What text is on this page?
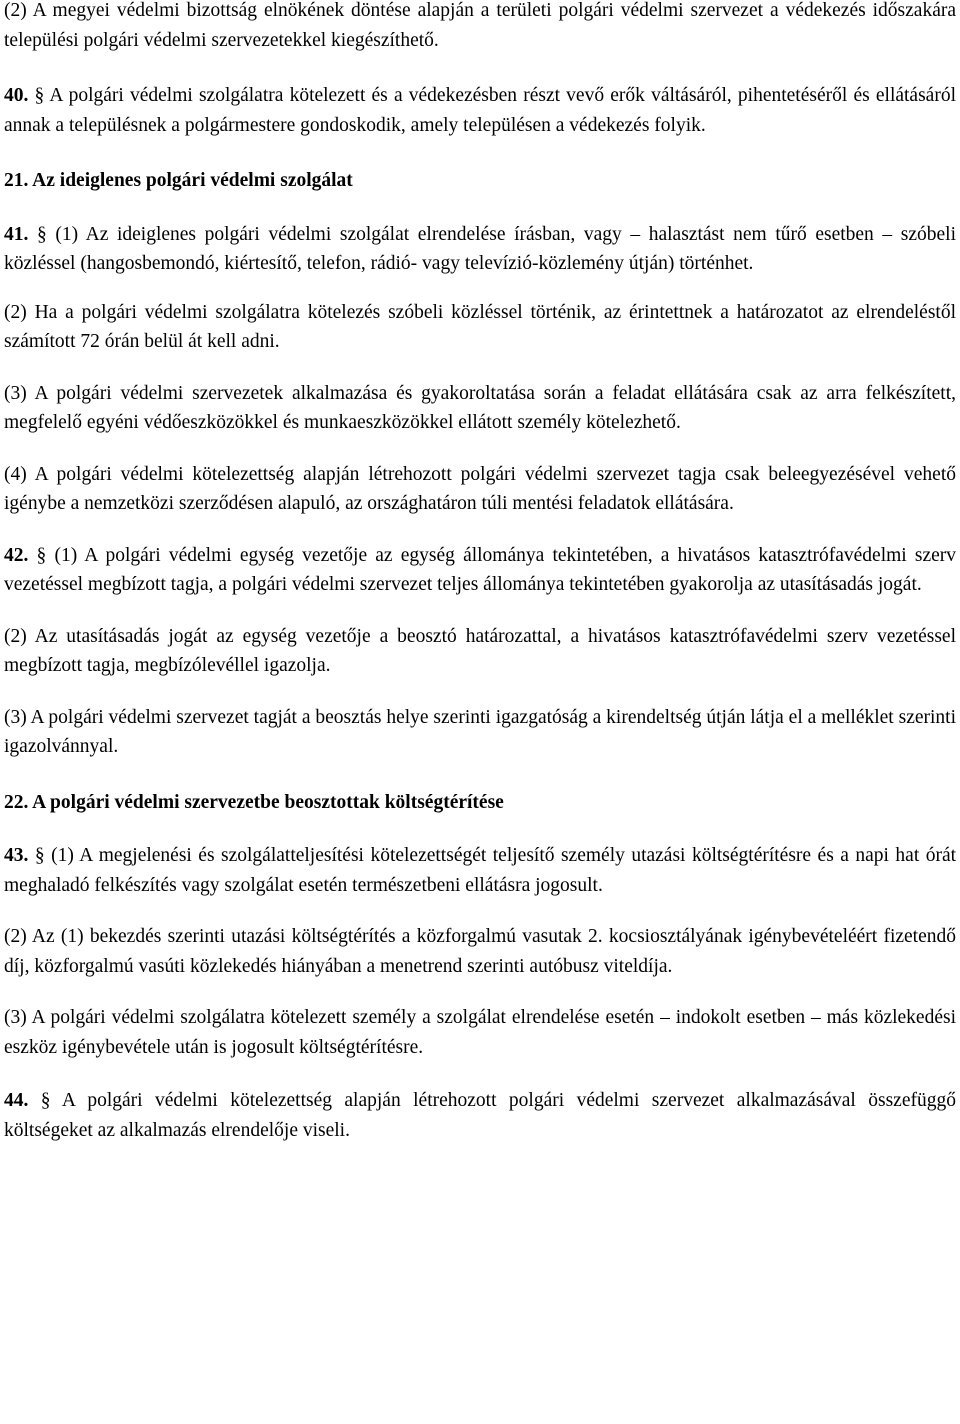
(2) A megyei védelmi bizottság elnökének döntése alapján a területi polgári védelmi szervezet a védekezés időszakára települési polgári védelmi szervezetekkel kiegészíthető.

40. § A polgári védelmi szolgálatra kötelezett és a védekezésben részt vevő erők váltásáról, pihentetéséről és ellátásáról annak a településnek a polgármestere gondoskodik, amely településen a védekezés folyik.

21. Az ideiglenes polgári védelmi szolgálat

41. § (1) Az ideiglenes polgári védelmi szolgálat elrendelése írásban, vagy – halasztást nem tűrő esetben – szóbeli közléssel (hangosbemondó, kiértesítő, telefon, rádió- vagy televízió-közlemény útján) történhet.

(2) Ha a polgári védelmi szolgálatra kötelezés szóbeli közléssel történik, az érintettnek a határozatot az elrendeléstől számított 72 órán belül át kell adni.

(3) A polgári védelmi szervezetek alkalmazása és gyakoroltatása során a feladat ellátására csak az arra felkészített, megfelelő egyéni védőeszközökkel és munkaeszközökkel ellátott személy kötelezhető.

(4) A polgári védelmi kötelezettség alapján létrehozott polgári védelmi szervezet tagja csak beleegyezésével vehető igénybe a nemzetközi szerződésen alapuló, az országhatáron túli mentési feladatok ellátására.

42. § (1) A polgári védelmi egység vezetője az egység állománya tekintetében, a hivatásos katasztrófavédelmi szerv vezetéssel megbízott tagja, a polgári védelmi szervezet teljes állománya tekintetében gyakorolja az utasításadás jogát.

(2) Az utasításadás jogát az egység vezetője a beosztó határozattal, a hivatásos katasztrófavédelmi szerv vezetéssel megbízott tagja, megbízólevéllel igazolja.

(3) A polgári védelmi szervezet tagját a beosztás helye szerinti igazgatóság a kirendeltség útján látja el a melléklet szerinti igazolvánnyal.

22. A polgári védelmi szervezetbe beosztottak költségtérítése

43. § (1) A megjelenési és szolgálatteljesítési kötelezettségét teljesítő személy utazási költségtérítésre és a napi hat órát meghaladó felkészítés vagy szolgálat esetén természetbeni ellátásra jogosult.

(2) Az (1) bekezdés szerinti utazási költségtérítés a közforgalmú vasutak 2. kocsiosztályának igénybevételéért fizetendő díj, közforgalmú vasúti közlekedés hiányában a menetrend szerinti autóbusz viteldíja.

(3) A polgári védelmi szolgálatra kötelezett személy a szolgálat elrendelése esetén – indokolt esetben – más közlekedési eszköz igénybevétele után is jogosult költségtérítésre.

44. § A polgári védelmi kötelezettség alapján létrehozott polgári védelmi szervezet alkalmazásával összefüggő költségeket az alkalmazás elrendelője viseli.
